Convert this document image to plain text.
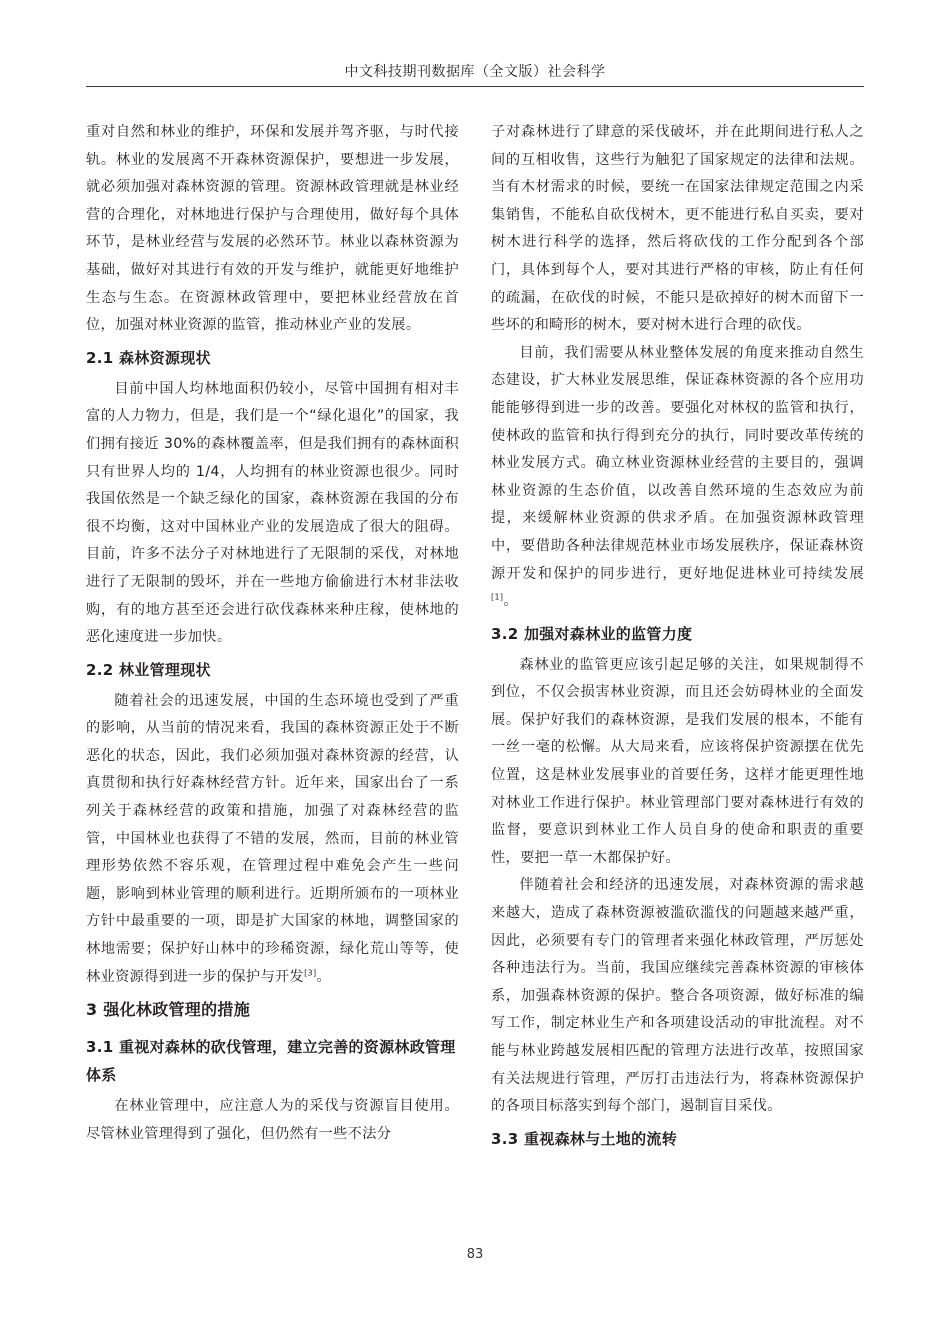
中文科技期刊数据库（全文版）社会科学

重对自然和林业的维护，环保和发展并驾齐驱，与时代接轨。林业的发展离不开森林资源保护，要想进一步发展，就必须加强对森林资源的管理。资源林政管理就是林业经营的合理化，对林地进行保护与合理使用，做好每个具体环节，是林业经营与发展的必然环节。林业以森林资源为基础，做好对其进行有效的开发与维护，就能更好地维护生态与生态。在资源林政管理中，要把林业经营放在首位，加强对林业资源的监管，推动林业产业的发展。

2.1 森林资源现状

目前中国人均林地面积仍较小，尽管中国拥有相对丰富的人力物力，但是，我们是一个“绿化退化”的国家，我们拥有接近 30%的森林覆盖率，但是我们拥有的森林面积只有世界人均的 1/4，人均拥有的林业资源也很少。同时我国依然是一个缺乏绿化的国家，森林资源在我国的分布很不均衡，这对中国林业产业的发展造成了很大的阻碍。目前，许多不法分子对林地进行了无限制的采伐，对林地进行了无限制的毁坏，并在一些地方偷偷进行木材非法收购，有的地方甚至还会进行砍伐森林来种庄稼，使林地的恶化速度进一步加快。

2.2 林业管理现状

随着社会的迅速发展，中国的生态环境也受到了严重的影响，从当前的情况来看，我国的森林资源正处于不断恶化的状态，因此，我们必须加强对森林资源的经营，认真贯彻和执行好森林经营方针。近年来，国家出台了一系列关于森林经营的政策和措施，加强了对森林经营的监管，中国林业也获得了不错的发展，然而，目前的林业管理形势依然不容乐观，在管理过程中难免会产生一些问题，影响到林业管理的顺利进行。近期所颁布的一项林业方针中最重要的一项，即是扩大国家的林地，调整国家的林地需要；保护好山林中的珍稀资源，绿化荒山等等，使林业资源得到进一步的保护与开发[3]。

3 强化林政管理的措施
3.1 重视对森林的砍伐管理，建立完善的资源林政管理体系

在林业管理中，应注意人为的采伐与资源盲目使用。尽管林业管理得到了强化，但仍然有一些不法分

子对森林进行了肆意的采伐破坏，并在此期间进行私人之间的互相收售，这些行为触犯了国家规定的法律和法规。当有木材需求的时候，要统一在国家法律规定范围之内采集销售，不能私自砍伐树木，更不能进行私自买卖，要对树木进行科学的选择，然后将砍伐的工作分配到各个部门，具体到每个人，要对其进行严格的审核，防止有任何的疏漏，在砍伐的时候，不能只是砍掉好的树木而留下一些坏的和畸形的树木，要对树木进行合理的砍伐。

目前，我们需要从林业整体发展的角度来推动自然生态建设，扩大林业发展思维，保证森林资源的各个应用功能能够得到进一步的改善。要强化对林权的监管和执行，使林政的监管和执行得到充分的执行，同时要改革传统的林业发展方式。确立林业资源林业经营的主要目的，强调林业资源的生态价值，以改善自然环境的生态效应为前提，来缓解林业资源的供求矛盾。在加强资源林政管理中，要借助各种法律规范林业市场发展秩序，保证森林资源开发和保护的同步进行，更好地促进林业可持续发展[1]。

3.2 加强对森林业的监管力度

森林业的监管更应该引起足够的关注，如果规制得不到位，不仅会损害林业资源，而且还会妨碍林业的全面发展。保护好我们的森林资源，是我们发展的根本，不能有一丝一毫的松懈。从大局来看，应该将保护资源摆在优先位置，这是林业发展事业的首要任务，这样才能更理性地对林业工作进行保护。林业管理部门要对森林进行有效的监督，要意识到林业工作人员自身的使命和职责的重要性，要把一草一木都保护好。

伴随着社会和经济的迅速发展，对森林资源的需求越来越大，造成了森林资源被滥砍滥伐的问题越来越严重，因此，必须要有专门的管理者来强化林政管理，严厉惩处各种违法行为。当前，我国应继续完善森林资源的审核体系，加强森林资源的保护。整合各项资源，做好标准的编写工作，制定林业生产和各项建设活动的审批流程。对不能与林业跨越发展相匹配的管理方法进行改革，按照国家有关法规进行管理，严厉打击违法行为，将森林资源保护的各项目标落实到每个部门，遏制盲目采伐。

3.3 重视森林与土地的流转
83
